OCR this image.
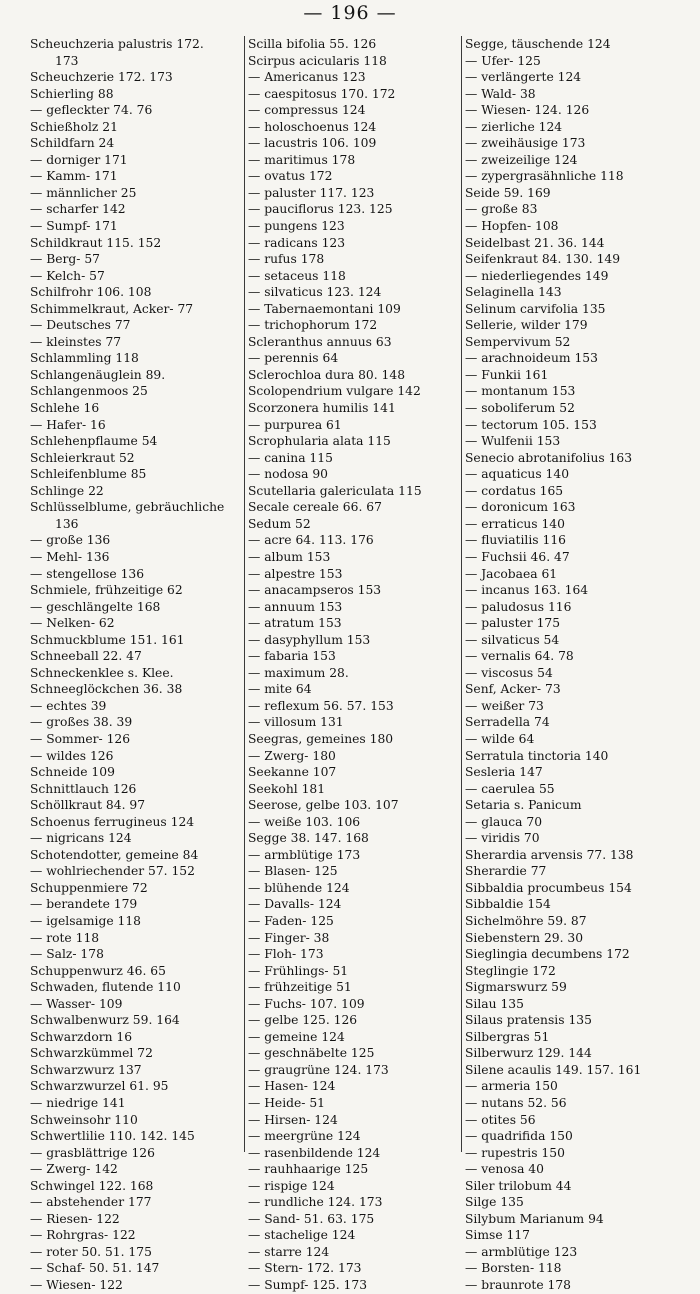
— 196 —
Scheuchzeria palustris 172.
173
Scheuchzerie 172. 173
Schierling 88
— gefleckter 74. 76
Schießholz 21
Schildfarn 24
— dorniger 171
— Kamm- 171
— männlicher 25
— scharfer 142
— Sumpf- 171
Schildkraut 115. 152
— Berg- 57
— Kelch- 57
Schilfrohr 106. 108
Schimmelkraut, Acker- 77
— Deutsches 77
— kleinstes 77
Schlammling 118
Schlangenäuglein 89.
Schlangenmoos 25
Schlehe 16
— Hafer- 16
Schlehenpflaume 54
Schleierkraut 52
Schleifenblume 85
Schlinge 22
Schlüsselblume, gebräuchliche
136
— große 136
— Mehl- 136
— stengellose 136
Schmiele, frühzeitige 62
— geschlängelte 168
— Nelken- 62
Schmuckblume 151. 161
Schneeball 22. 47
Schneckenklee s. Klee.
Schneeglöckchen 36. 38
— echtes 39
— großes 38. 39
— Sommer- 126
— wildes 126
Schneide 109
Schnittlauch 126
Schöllkraut 84. 97
Schoenus ferrugineus 124
— nigricans 124
Schotendotter, gemeine 84
— wohlriechender 57. 152
Schuppenmiere 72
— berandete 179
— igelsamige 118
— rote 118
— Salz- 178
Schuppenwurz 46. 65
Schwaden, flutende 110
— Wasser- 109
Schwalbenwurz 59. 164
Schwarzdorn 16
Schwarzkümmel 72
Schwarzwurz 137
Schwarzwurzel 61. 95
— niedrige 141
Schweinsohr 110
Schwertlilie 110. 142. 145
— grasblättrige 126
— Zwerg- 142
Schwingel 122. 168
— abstehender 177
— Riesen- 122
— Rohrgras- 122
— roter 50. 51. 175
— Schaf- 50. 51. 147
— Wiesen- 122
Scilla bifolia 55. 126
Scirpus acicularis 118
— Americanus 123
— caespitosus 170. 172
— compressus 124
— holoschoenus 124
— lacustris 106. 109
— maritimus 178
— ovatus 172
— paluster 117. 123
— pauciflorus 123. 125
— pungens 123
— radicans 123
— rufus 178
— setaceus 118
— silvaticus 123. 124
— Tabernaemontani 109
— trichophorum 172
Scleranthus annuus 63
— perennis 64
Sclerochloa dura 80. 148
Scolopendrium vulgare 142
Scorzonera humilis 141
— purpurea 61
Scrophularia alata 115
— canina 115
— nodosa 90
Scutellaria galericulata 115
Secale cereale 66. 67
Sedum 52
— acre 64. 113. 176
— album 153
— alpestre 153
— anacampseros 153
— annuum 153
— atratum 153
— dasyphyllum 153
— fabaria 153
— maximum 28.
— mite 64
— reflexum 56. 57. 153
— villosum 131
Seegras, gemeines 180
— Zwerg- 180
Seekanne 107
Seekohl 181
Seerose, gelbe 103. 107
— weiße 103. 106
Segge 38. 147. 168
— armblütige 173
— Blasen- 125
— blühende 124
— Davalls- 124
— Faden- 125
— Finger- 38
— Floh- 173
— Frühlings- 51
— frühzeitige 51
— Fuchs- 107. 109
— gelbe 125. 126
— gemeine 124
— geschnäbelte 125
— graugrüne 124. 173
— Hasen- 124
— Heide- 51
— Hirsen- 124
— meergrüne 124
— rasenbildende 124
— rauhhaarige 125
— rispige 124
— rundliche 124. 173
— Sand- 51. 63. 175
— stachelige 124
— starre 124
— Stern- 172. 173
— Sumpf- 125. 173
Segge, täuschende 124
— Ufer- 125
— verlängerte 124
— Wald- 38
— Wiesen- 124. 126
— zierliche 124
— zweihäusige 173
— zweizeilige 124
— zypergrasähnliche 118
Seide 59. 169
— große 83
— Hopfen- 108
Seidelbast 21. 36. 144
Seifenkraut 84. 130. 149
— niederliegendes 149
Selaginella 143
Selinum carvifolia 135
Sellerie, wilder 179
Sempervivum 52
— arachnoideum 153
— Funkii 161
— montanum 153
— soboliferum 52
— tectorum 105. 153
— Wulfenii 153
Senecio abrotanifolius 163
— aquaticus 140
— cordatus 165
— doronicum 163
— erraticus 140
— fluviatilis 116
— Fuchsii 46. 47
— Jacobaea 61
— incanus 163. 164
— paludosus 116
— paluster 175
— silvaticus 54
— vernalis 64. 78
— viscosus 54
Senf, Acker- 73
— weißer 73
Serradella 74
— wilde 64
Serratula tinctoria 140
Sesleria 147
— caerulea 55
Setaria s. Panicum
— glauca 70
— viridis 70
Sherardia arvensis 77. 138
Sherardie 77
Sibbaldia procumbeus 154
Sibbaldie 154
Sichelmöhre 59. 87
Siebenstern 29. 30
Sieglingia decumbens 172
Steglingie 172
Sigmarswurz 59
Silau 135
Silaus pratensis 135
Silbergras 51
Silberwurz 129. 144
Silene acaulis 149. 157. 161
— armeria 150
— nutans 52. 56
— otites 56
— quadrifida 150
— rupestris 150
— venosa 40
Siler trilobum 44
Silge 135
Silybum Marianum 94
Simse 117
— armblütige 123
— Borsten- 118
— braunrote 178
